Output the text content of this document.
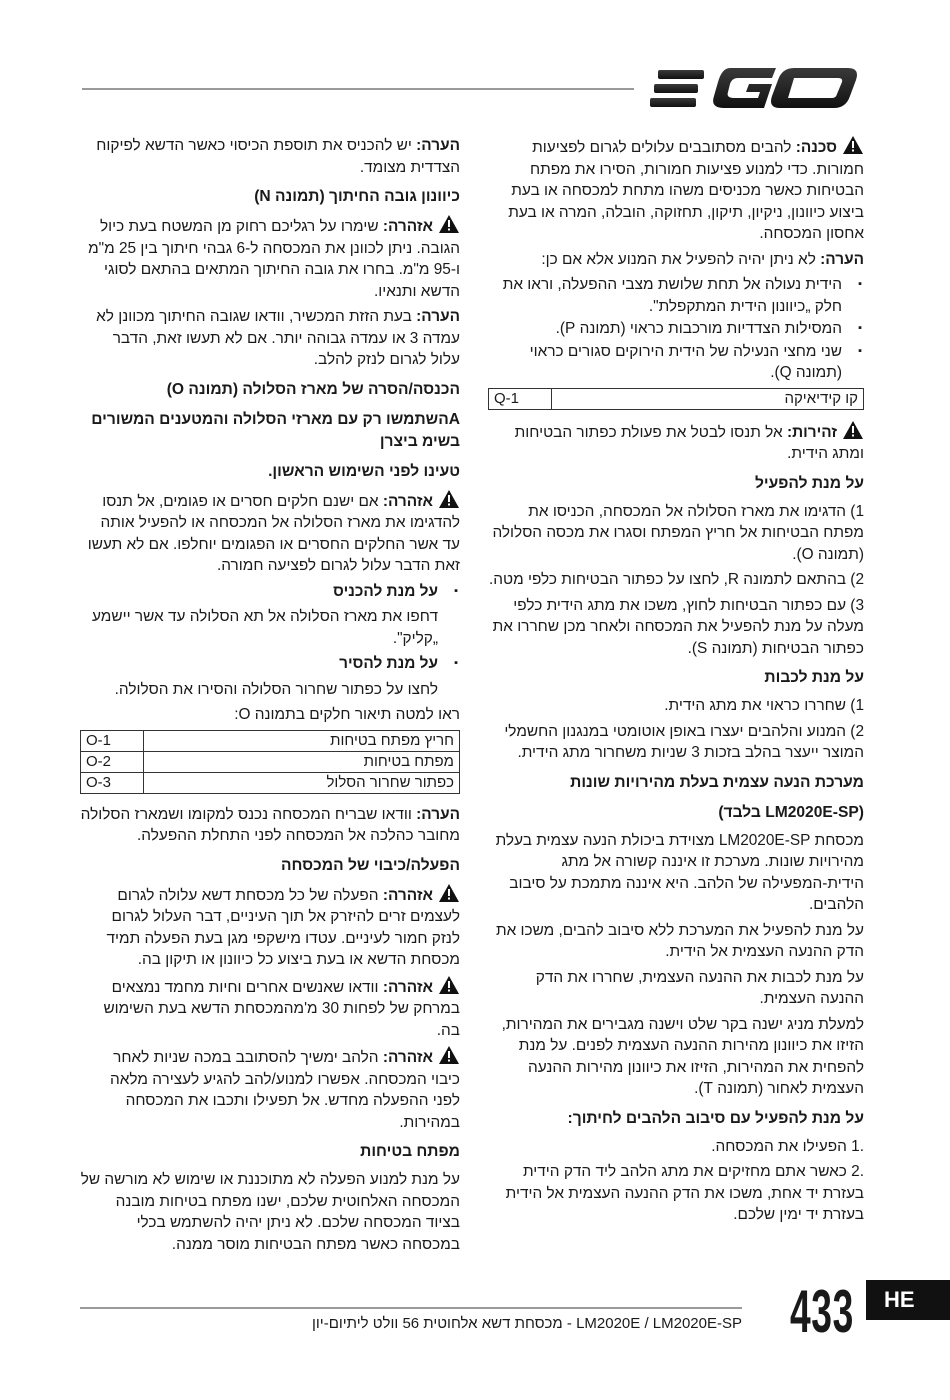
סכנה: להבים מסתובבים עלולים לגרום לפציעות חמורות. כדי למנוע פציעות חמורות, הסירו את מפתח הבטיחות כאשר מכניסים משהו מתחת למכסחה או בעת ביצוע כיוונון, ניקיון, תיקון, תחזוקה, הובלה, המרה או בעת אחסון המכסחה.

הערה: לא ניתן יהיה להפעיל את המנוע אלא אם כן:

▪ הידית נעולה אל תחת שלושת מצבי ההפעלה, וראו את חלק „כיוונון הידית המתקפלת".
▪ המסילות הצדדיות מורכבות כראוי (תמונה P).
▪ שני מחצי הנעילה של הידית הירוקים סגורים כראוי (תמונה Q).
קו קידיאיקה	Q-1

זהירות: אל תנסו לבטל את פעולת כפתור הבטיחות ומתג הידית.

על מנת להפעיל

1) הדגימו את מארז הסלולה אל המכסחה, הכניסו את מפתח הבטיחות אל חריץ המפתח וסגרו את מכסה הסלולה (תמונה O).

2) בהתאם לתמונה R, לחצו על כפתור הבטיחות כלפי מטה.

3) עם כפתור הבטיחות לחוץ, משכו את מתג הידית כלפי מעלה על מנת להפעיל את המכסחה ולאחר מכן שחררו את כפתור הבטיחות (תמונה S).

על מנת לכבות

1) שחררו כראוי את מתג הידית.

2) המנוע והלהבים יעצרו באופן אוטומטי במנגנון החשמלי המוצר ייעצר בהלב בזכות 3 שניות משחרור מתג הידית.

מערכת הנעה עצמית בעלת מהירויות שונות
(LM2020E-SP בלבד)

מכסחת LM2020E-SP מצוידת ביכולת הנעה עצמית בעלת מהירויות שונות. מערכת זו איננה קשורה אל מתג הידית-המפעילה של הלהב. היא איננה מתמכת על סיבוב הלהבים.

על מנת להפעיל את המערכת ללא סיבוב להבים, משכו את הדק ההנעה העצמית אל הידית.

על מנת לכבות את ההנעה העצמית, שחררו את הדק ההנעה העצמית.

למעלת מניג ישנה בקר שלט וישנה מגבירים את המהירות, הזיזו את כיוונון מהירות ההנעה העצמית לפנים. על מנת להפחית את המהירות, הזיזו את כיוונון מהירות ההנעה העצמית לאחור (תמונה T).

על מנת להפעיל עם סיבוב הלהבים לחיתוך:

.1 הפעילו את המכסחה.

.2 כאשר אתם מחזיקים את מתג הלהב ליד הדק הידית בעזרת יד אחת, משכו את הדק ההנעה העצמית אל הידית בעזרת יד ימין שלכם.

הערה: יש להכניס את תוספת הכיסוי כאשר הדשא לפיקוח הצדדית מצומד.

כיוונון גובה החיתוך (תמונה N)

אזהרה: שימרו על רגליכם רחוק מן המשטח בעת כיול הגובה. ניתן לכוונן את המכסחה ל-6 גבהי חיתוך בין 25 מ"מ ו-95 מ"מ. בחרו את גובה החיתוך המתאים בהתאם לסוגי הדשא ותנאיו.

הערה: בעת הזזת המכשיר, וודאו שגובה החיתוך מכוונן לא עמדה 3 או עמדה גבוהה יותר. אם לא תעשו זאת, הדבר עלול לגרום לנזק להלב.

הכנסה/הסרה של מארז הסלולה (תמונה O)
Aהשתמשו רק עם מארזי הסלולה והמטענים המשורים בשימ ביצרן
טעינו לפני השימוש הראשון.

אזהרה: אם ישנם חלקים חסרים או פגומים, אל תנסו להדגימו את מארז הסלולה אל המכסחה או להפעיל אותה עד אשר החלקים החסרים או הפגומים יוחלפו. אם לא תעשו זאת הדבר עלול לגרום לפציעה חמורה.

▪ על מנת להכניס

דחפו את מארז הסלולה אל תא הסלולה עד אשר יישמע „קליק".

▪ על מנת להסיר

לחצו על כפתור שחרור הסלולה והסירו את הסלולה.

ראו למטה תיאור חלקים בתמונה O:

חריץ מפתח בטיחות	O-1
מפתח בטיחות	O-2
כפתור שחרור הסלול	O-3

הערה: וודאו שבריח המכסחה נכנס למקומו ושמארז הסלולה מחובר כהלכה אל המכסחה לפני התחלת ההפעלה.

הפעלה/כיבוי של המכסחה

אזהרה: הפעלה של כל מכסחת דשא עלולה לגרום לעצמים זרים להיזרק אל תוך העיניים, דבר העלול לגרום לנזק חמור לעיניים. עטדו מישקפי מגן בעת הפעלה תמיד מכסחת הדשא או בעת ביצוע כל כיוונון או תיקון בה.

אזהרה: וודאו שאנשים אחרים וחיות מחמד נמצאים במרחק של לפחות 30 מ'מהמכסחת הדשא בעת השימוש בה.

אזהרה: הלהב ימשיך להסתובב במכה שניות לאחר כיבוי המכסחה. אפשרו למנוע/להב להגיע לעצירה מלאה לפני ההפעלה מחדש. אל תפעילו ותכבו את המכסחה במהירות.

מפתח בטיחות

על מנת למנוע הפעלה לא מתוכננת או שימוש לא מורשה של המכסחה האלחוטית שלכם, ישנו מפתח בטיחות מובנה בציוד המכסחה שלכם. לא ניתן יהיה להשתמש בכלי במכסחה כאשר מפתח הבטיחות מוסר ממנה.

LM2020E / LM2020E-SP - מכסחת דשא אלחוטית 56 וולט ליתיום-יון 433	HE
